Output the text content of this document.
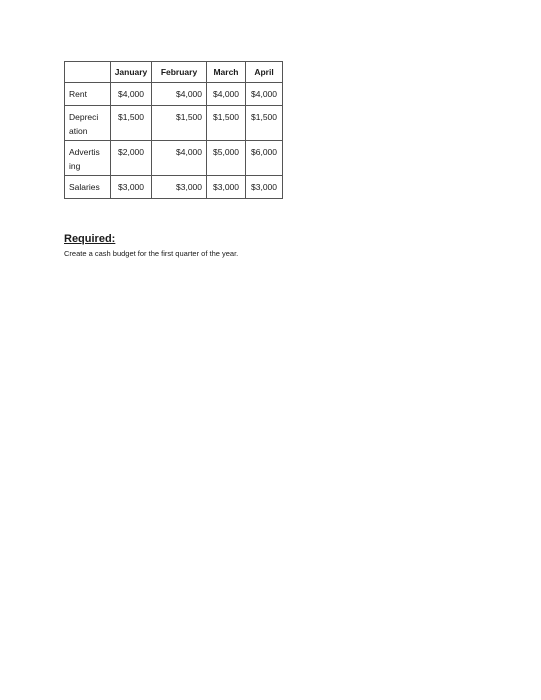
	January	February	March	April
Rent	$4,000	$4,000	$4,000	$4,000
Depreci ation	$1,500	$1,500	$1,500	$1,500
Advertis ing	$2,000	$4,000	$5,000	$6,000
Salaries	$3,000	$3,000	$3,000	$3,000

Required:

Create a cash budget for the first quarter of the year.
